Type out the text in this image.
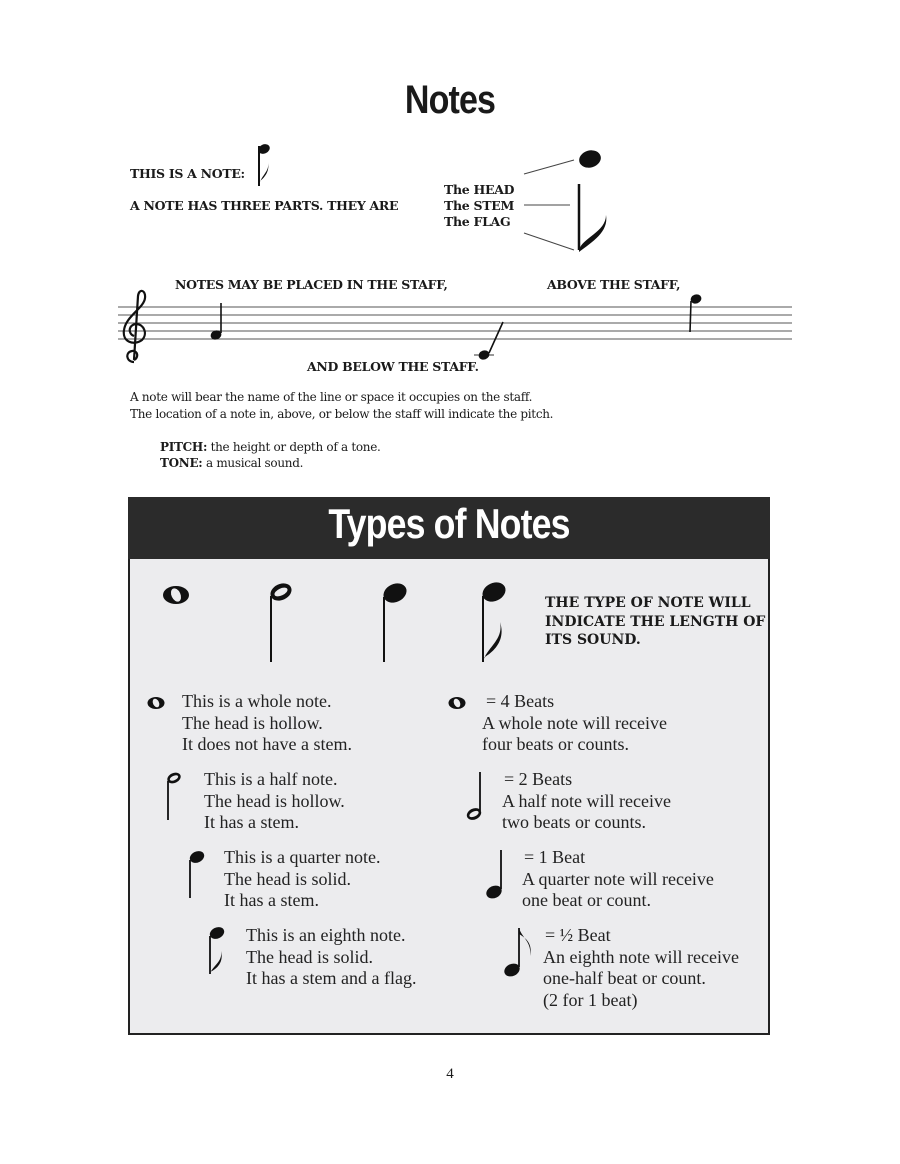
Notes
THIS IS A NOTE:
A NOTE HAS THREE PARTS. THEY ARE
The HEAD
The STEM
The FLAG
NOTES MAY BE PLACED IN THE STAFF,	ABOVE THE STAFF,
AND BELOW THE STAFF.
A note will bear the name of the line or space it occupies on the staff.
The location of a note in, above, or below the staff will indicate the pitch.
PITCH: the height or depth of a tone.
TONE: a musical sound.
Types of Notes
THE TYPE OF NOTE WILL
INDICATE THE LENGTH OF
ITS SOUND.
This is a whole note.
The head is hollow.
It does not have a stem.
This is a half note.
The head is hollow.
It has a stem.
This is a quarter note.
The head is solid.
It has a stem.
This is an eighth note.
The head is solid.
It has a stem and a flag.
= 4 Beats
A whole note will receive
four beats or counts.
= 2 Beats
A half note will receive
two beats or counts.
= 1 Beat
A quarter note will receive
one beat or count.
= ½ Beat
An eighth note will receive
one-half beat or count.
(2 for 1 beat)
4
